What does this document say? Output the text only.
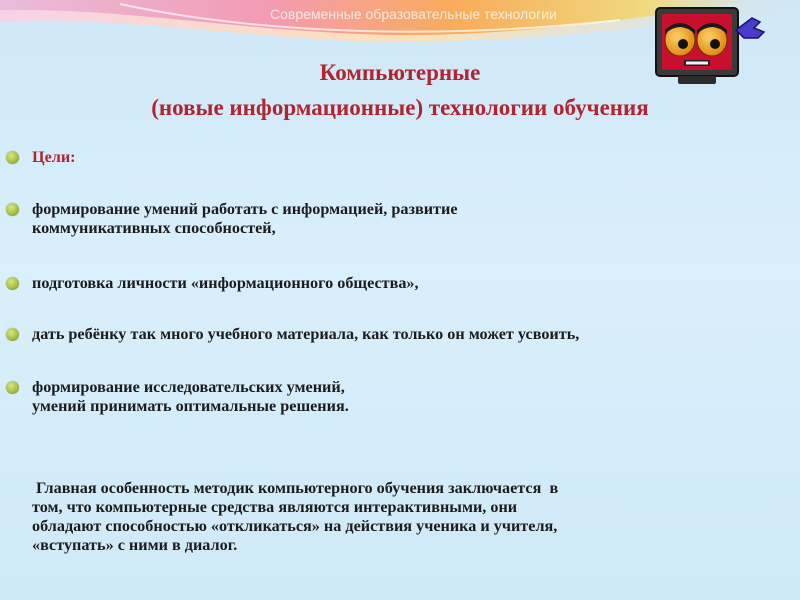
Современные образовательные технологии
Компьютерные
(новые информационные) технологии обучения
Цели:
формирование умений работать с информацией, развитие
коммуникативных способностей,
подготовка личности «информационного общества»,
дать ребёнку так много учебного материала, как только он может усвоить,
формирование исследовательских умений,
умений принимать оптимальные решения.
Главная особенность методик компьютерного обучения заключается  в
том, что компьютерные средства являются интерактивными, они
обладают способностью «откликаться» на действия ученика и учителя,
«вступать» с ними в диалог.
